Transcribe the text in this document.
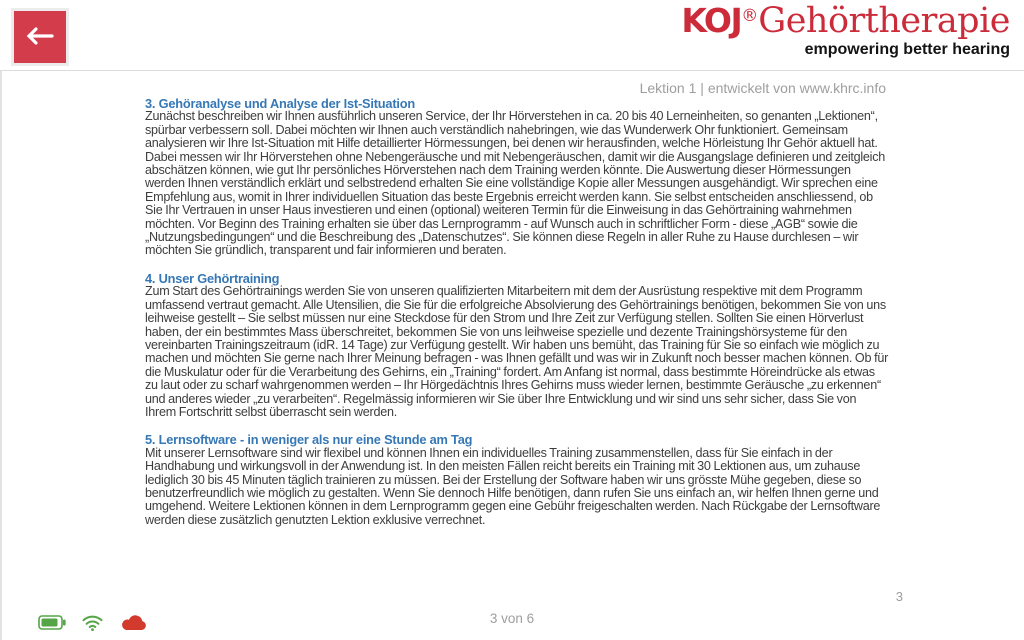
KOJ®Gehörtherapie
empowering better hearing
Lektion 1 | entwickelt von www.khrc.info
3. Gehöranalyse und Analyse der Ist-Situation
Zunächst beschreiben wir Ihnen ausführlich unseren Service, der Ihr Hörverstehen in ca. 20 bis 40 Lerneinheiten, so genanten „Lektionen“, spürbar verbessern soll. Dabei möchten wir Ihnen auch verständlich nahebringen, wie das Wunderwerk Ohr funktioniert. Gemeinsam analysieren wir Ihre Ist-Situation mit Hilfe detaillierter Hörmessungen, bei denen wir herausfinden, welche Hörleistung Ihr Gehör aktuell hat. Dabei messen wir Ihr Hörverstehen ohne Nebengeräusche und mit Nebengeräuschen, damit wir die Ausgangslage definieren und zeitgleich abschätzen können, wie gut Ihr persönliches Hörverstehen nach dem Training werden könnte. Die Auswertung dieser Hörmessungen werden Ihnen verständlich erklärt und selbstredend erhalten Sie eine vollständige Kopie aller Messungen ausgehändigt. Wir sprechen eine Empfehlung aus, womit in Ihrer individuellen Situation das beste Ergebnis erreicht werden kann. Sie selbst entscheiden anschliessend, ob Sie Ihr Vertrauen in unser Haus investieren und einen (optional) weiteren Termin für die Einweisung in das Gehörtraining wahrnehmen möchten. Vor Beginn des Training erhalten sie über das Lernprogramm - auf Wunsch auch in schriftlicher Form - diese „AGB“ sowie die „Nutzungsbedingungen“ und die Beschreibung des „Datenschutzes“. Sie können diese Regeln in aller Ruhe zu Hause durchlesen – wir möchten Sie gründlich, transparent und fair informieren und beraten.
4. Unser Gehörtraining
Zum Start des Gehörtrainings werden Sie von unseren qualifizierten Mitarbeitern mit dem der Ausrüstung respektive mit dem Programm umfassend vertraut gemacht. Alle Utensilien, die Sie für die erfolgreiche Absolvierung des Gehörtrainings benötigen, bekommen Sie von uns leihweise gestellt – Sie selbst müssen nur eine Steckdose für den Strom und Ihre Zeit zur Verfügung stellen. Sollten Sie einen Hörverlust haben, der ein bestimmtes Mass überschreitet, bekommen Sie von uns leihweise spezielle und dezente Trainingshörsysteme für den vereinbarten Trainingszeitraum (idR. 14 Tage) zur Verfügung gestellt. Wir haben uns bemüht, das Training für Sie so einfach wie möglich zu machen und möchten Sie gerne nach Ihrer Meinung befragen - was Ihnen gefällt und was wir in Zukunft noch besser machen können. Ob für die Muskulatur oder für die Verarbeitung des Gehirns, ein „Training“ fordert. Am Anfang ist normal, dass bestimmte Höreindrücke als etwas zu laut oder zu scharf wahrgenommen werden – Ihr Hörgedächtnis Ihres Gehirns muss wieder lernen, bestimmte Geräusche „zu erkennen“ und anderes wieder „zu verarbeiten“. Regelmässig informieren wir Sie über Ihre Entwicklung und wir sind uns sehr sicher, dass Sie von Ihrem Fortschritt selbst überrascht sein werden.
5. Lernsoftware - in weniger als nur eine Stunde am Tag
Mit unserer Lernsoftware sind wir flexibel und können Ihnen ein individuelles Training zusammenstellen, dass für Sie einfach in der Handhabung und wirkungsvoll in der Anwendung ist. In den meisten Fällen reicht bereits ein Training mit 30 Lektionen aus, um zuhause lediglich 30 bis 45 Minuten täglich trainieren zu müssen. Bei der Erstellung der Software haben wir uns grösste Mühe gegeben, diese so benutzerfreundlich wie möglich zu gestalten. Wenn Sie dennoch Hilfe benötigen, dann rufen Sie uns einfach an, wir helfen Ihnen gerne und umgehend. Weitere Lektionen können in dem Lernprogramm gegen eine Gebühr freigeschalten werden. Nach Rückgabe der Lernsoftware werden diese zusätzlich genutzten Lektion exklusive verrechnet.
3
3 von 6
